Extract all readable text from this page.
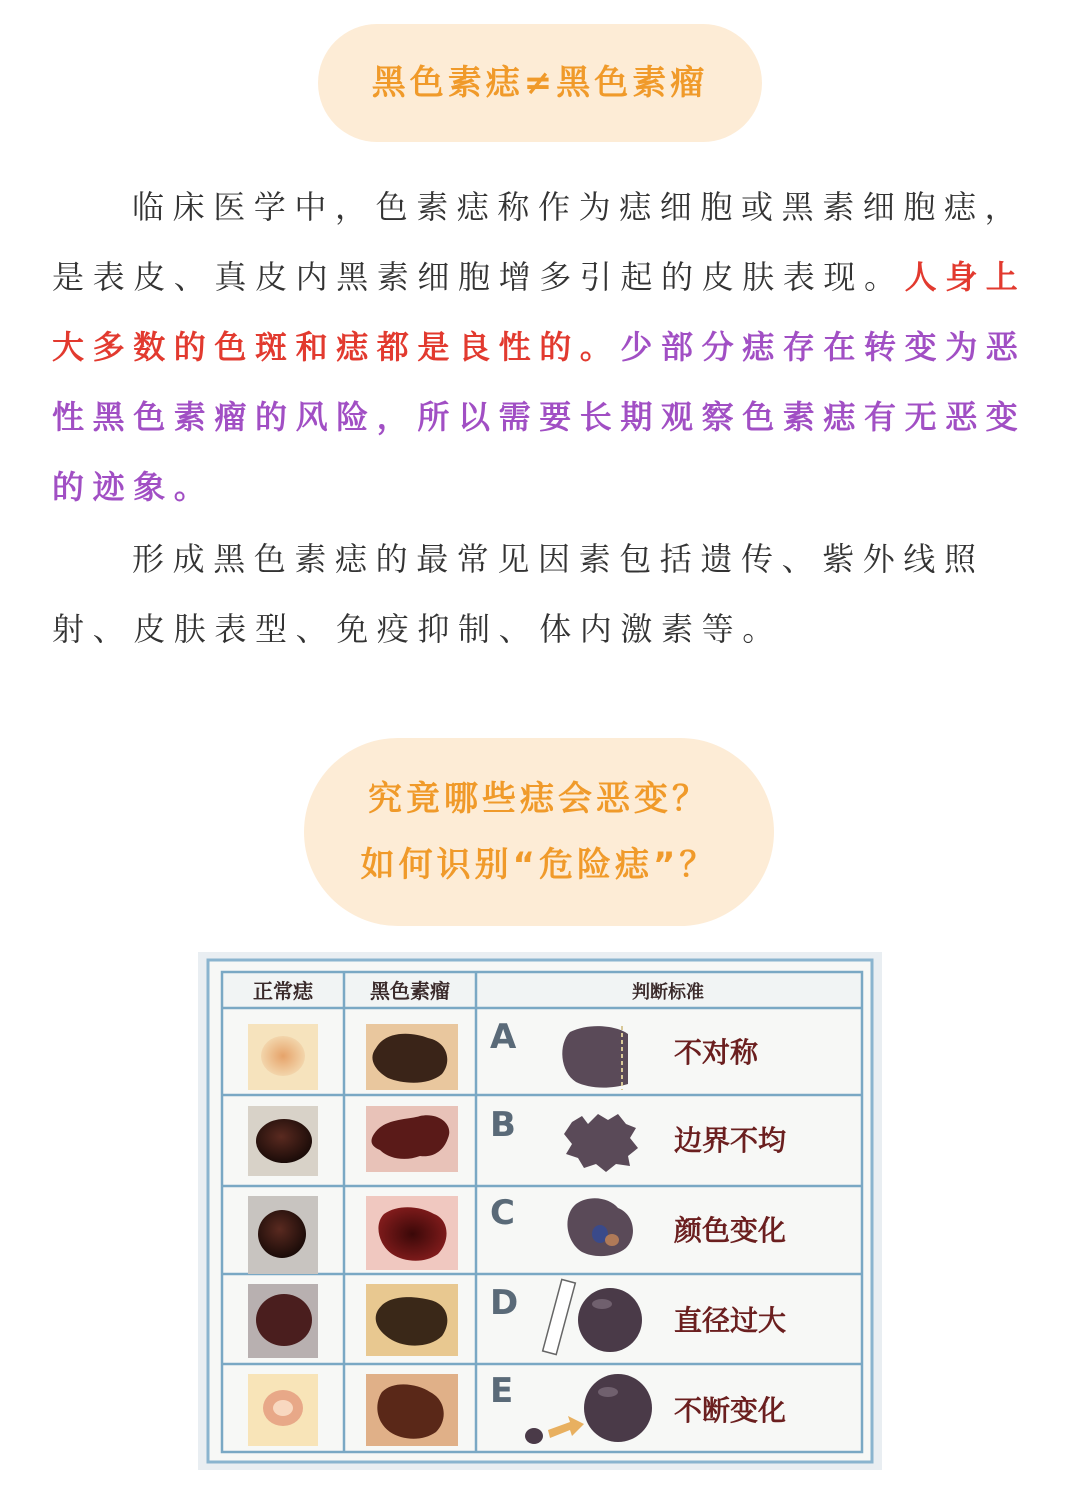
黑色素痣≠黑色素瘤
临床医学中，色素痣称作为痣细胞或黑素细胞痣，是表皮、真皮内黑素细胞增多引起的皮肤表现。人身上大多数的色斑和痣都是良性的。少部分痣存在转变为恶性黑色素瘤的风险，所以需要长期观察色素痣有无恶变的迹象。
形成黑色素痣的最常见因素包括遗传、紫外线照射、皮肤表型、免疫抑制、体内激素等。
究竟哪些痣会恶变？
如何识别“危险痣”？
正常痣	黑色素瘤	判断标准
A	不对称
B	边界不均
C	颜色变化
D	直径过大
E	不断变化
